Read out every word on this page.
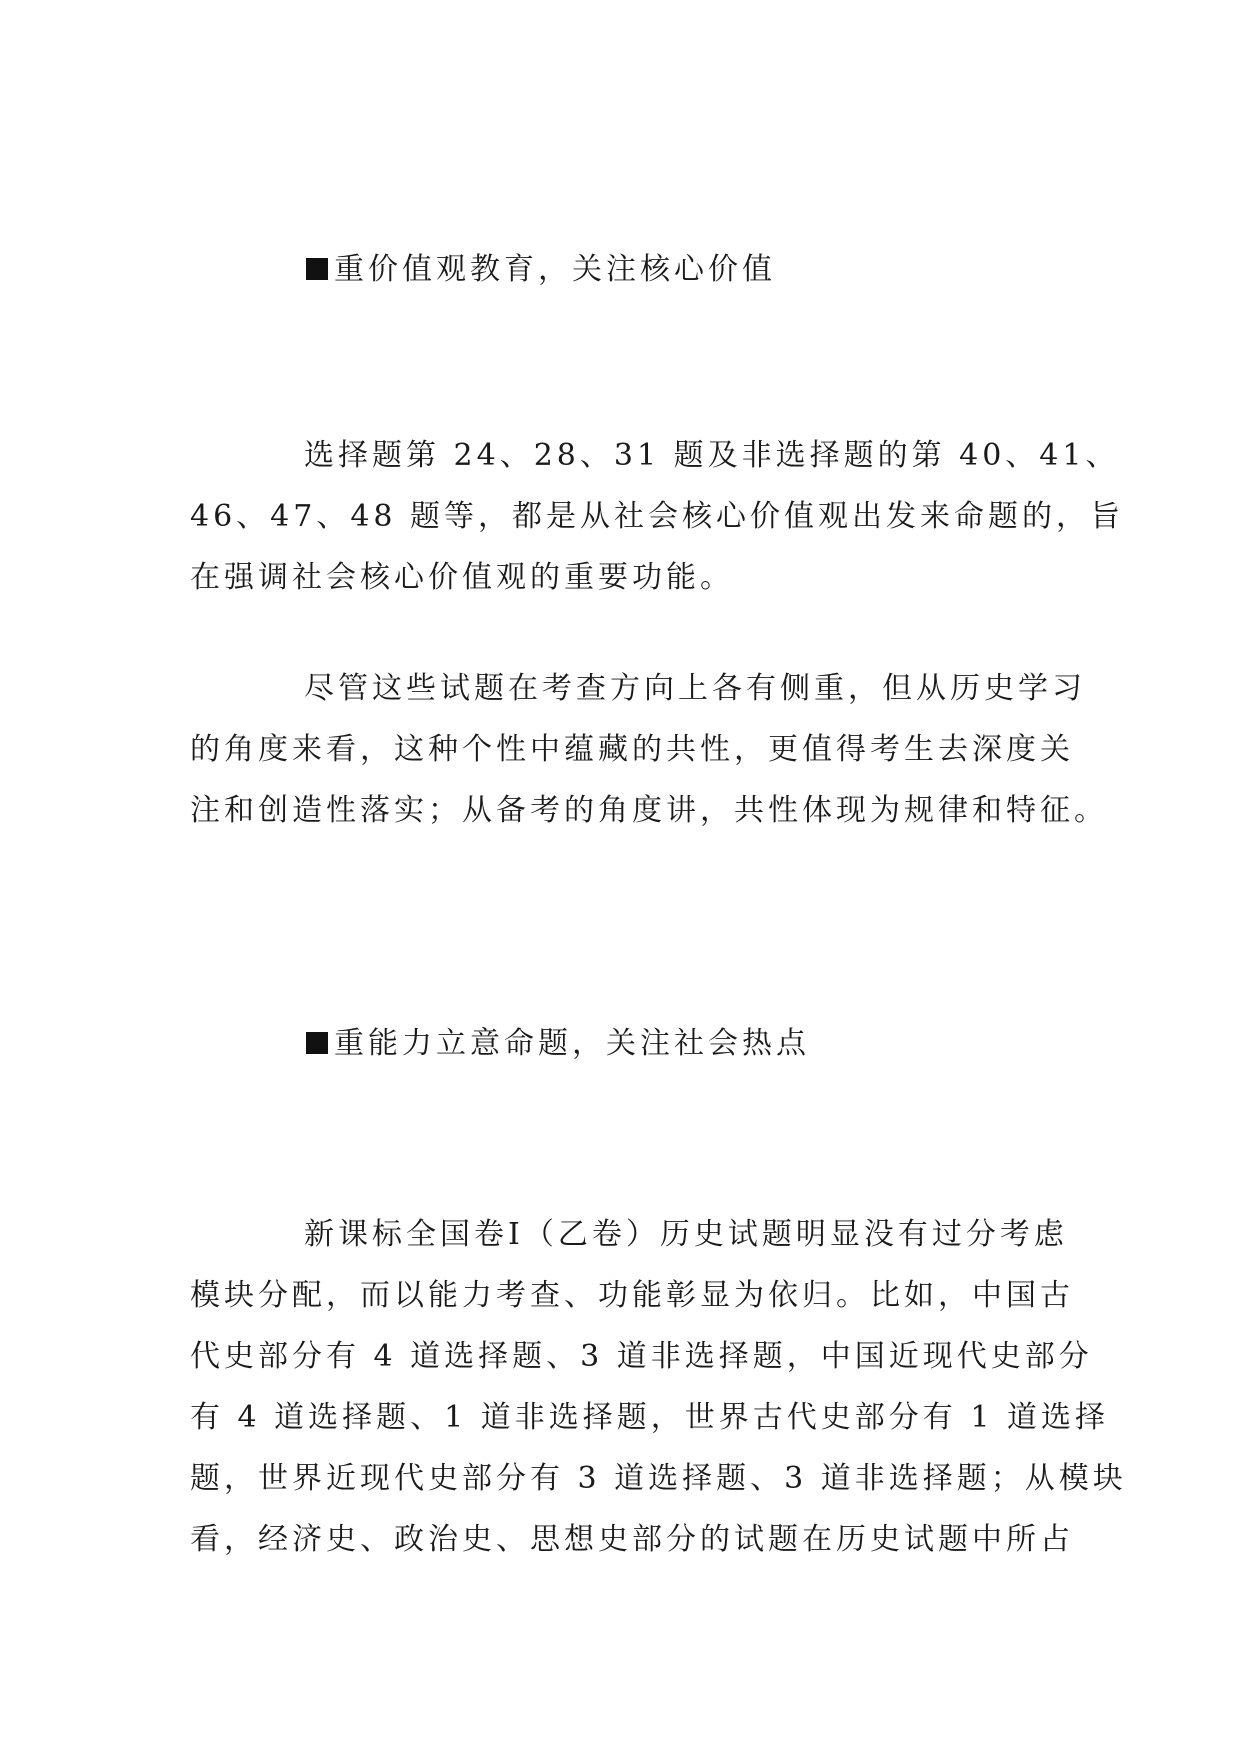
重价值观教育，关注核心价值
选择题第 24、28、31 题及非选择题的第 40、41、
46、47、48 题等，都是从社会核心价值观出发来命题的，旨
在强调社会核心价值观的重要功能。
尽管这些试题在考查方向上各有侧重，但从历史学习
的角度来看，这种个性中蕴藏的共性，更值得考生去深度关
注和创造性落实；从备考的角度讲，共性体现为规律和特征。
重能力立意命题，关注社会热点
新课标全国卷Ⅰ（乙卷）历史试题明显没有过分考虑
模块分配，而以能力考查、功能彰显为依归。比如，中国古
代史部分有 4 道选择题、3 道非选择题，中国近现代史部分
有 4 道选择题、1 道非选择题，世界古代史部分有 1 道选择
题，世界近现代史部分有 3 道选择题、3 道非选择题；从模块
看，经济史、政治史、思想史部分的试题在历史试题中所占
